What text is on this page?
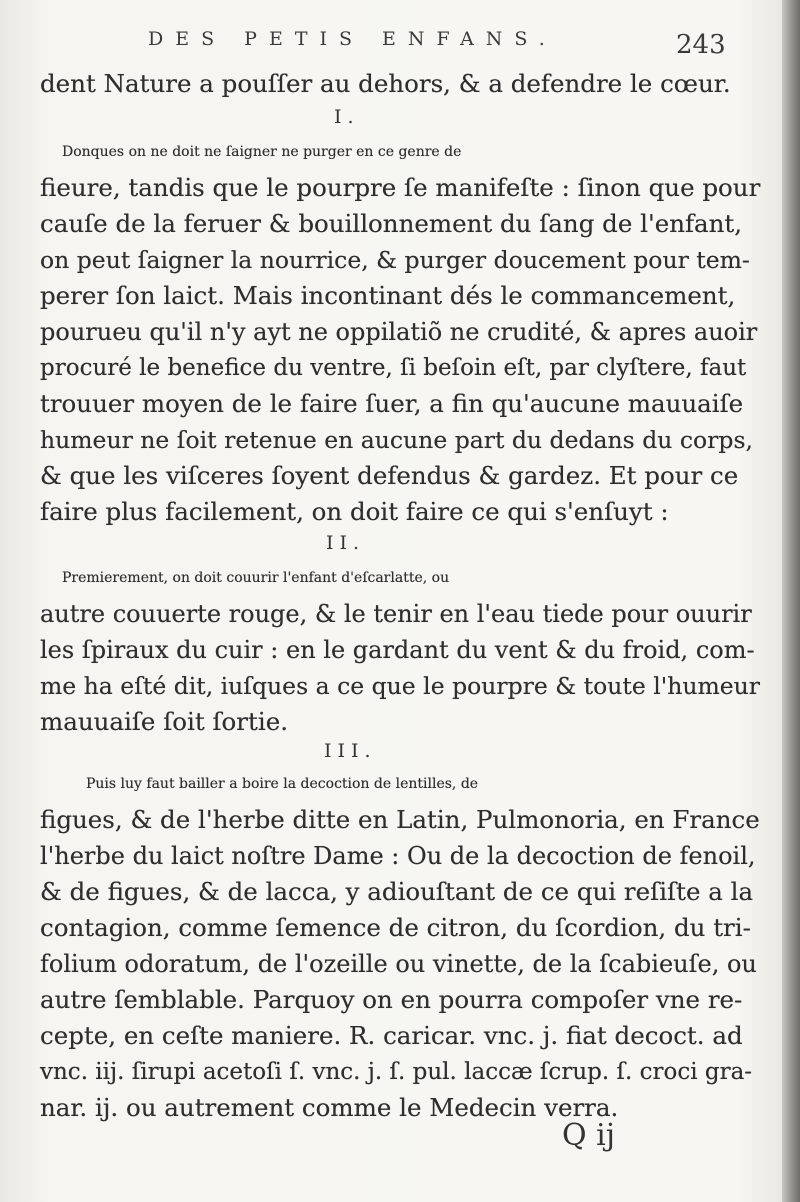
DES PETIS ENFANS.	243
dent Nature a pouſſer au dehors, & a defendre le cœur.
I.
Donques on ne doit ne ſaigner ne purger en ce genre de
fieure, tandis que le pourpre ſe manifeſte : ſinon que pour
cauſe de la feruer & bouillonnement du ſang de l'enfant,
on peut ſaigner la nourrice, & purger doucement pour tem-
perer ſon laict. Mais incontinant dés le commancement,
pourueu qu'il n'y ayt ne oppilatiõ ne crudité, & apres auoir
procuré le benefice du ventre, ſi beſoin eſt, par clyſtere, faut
trouuer moyen de le faire ſuer, a fin qu'aucune mauuaiſe
humeur ne ſoit retenue en aucune part du dedans du corps,
& que les viſceres ſoyent defendus & gardez. Et pour ce
faire plus facilement, on doit faire ce qui s'enſuyt :
II.
Premierement, on doit couurir l'enfant d'eſcarlatte, ou
autre couuerte rouge, & le tenir en l'eau tiede pour ouurir
les ſpiraux du cuir : en le gardant du vent & du froid, com-
me ha eſté dit, iuſques a ce que le pourpre & toute l'humeur
mauuaiſe ſoit ſortie.
III.
Puis luy faut bailler a boire la decoction de lentilles, de
figues, & de l'herbe ditte en Latin, Pulmonoria, en France
l'herbe du laict noſtre Dame : Ou de la decoction de fenoil,
& de figues, & de lacca, y adiouſtant de ce qui reſiſte a la
contagion, comme ſemence de citron, du ſcordion, du tri-
folium odoratum, de l'ozeille ou vinette, de la ſcabieuſe, ou
autre ſemblable. Parquoy on en pourra compoſer vne re-
cepte, en ceſte maniere. R. caricar. vnc. j. fiat decoct. ad
vnc. iij. ſirupi acetoſi ſ. vnc. j. ſ. pul. laccæ ſcrup. ſ. croci gra-
nar. ij. ou autrement comme le Medecin verra.
Q ij
